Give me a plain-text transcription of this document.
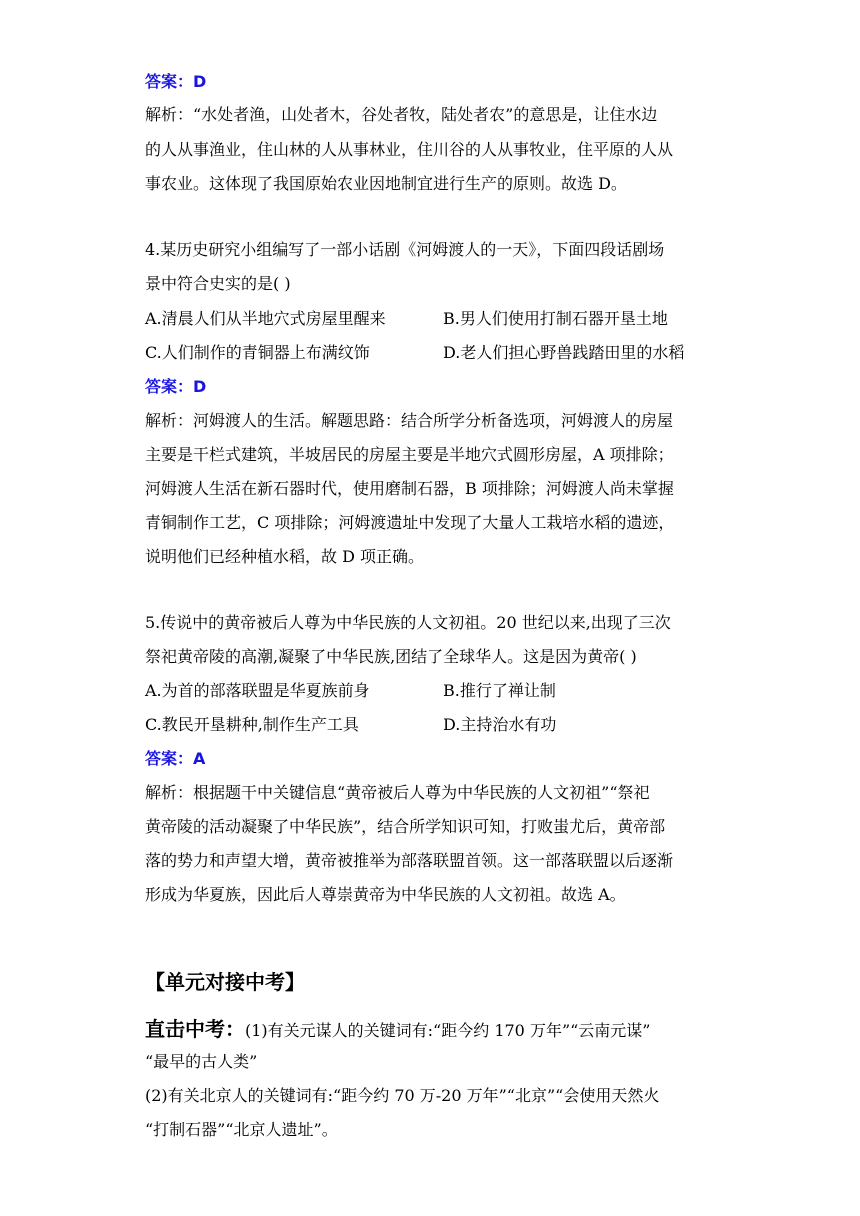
答案：D
解析：“水处者渔，山处者木，谷处者牧，陆处者农”的意思是，让住水边
的人从事渔业，住山林的人从事林业，住川谷的人从事牧业，住平原的人从
事农业。这体现了我国原始农业因地制宜进行生产的原则。故选 D。
4.某历史研究小组编写了一部小话剧《河姆渡人的一天》，下面四段话剧场
景中符合史实的是( )
A.清晨人们从半地穴式房屋里醒来	B.男人们使用打制石器开垦土地
C.人们制作的青铜器上布满纹饰	D.老人们担心野兽践踏田里的水稻
答案：D
解析：河姆渡人的生活。解题思路：结合所学分析备选项，河姆渡人的房屋
主要是干栏式建筑，半坡居民的房屋主要是半地穴式圆形房屋，A 项排除；
河姆渡人生活在新石器时代，使用磨制石器，B 项排除；河姆渡人尚未掌握
青铜制作工艺，C 项排除；河姆渡遗址中发现了大量人工栽培水稻的遗迹，
说明他们已经种植水稻，故 D 项正确。
5.传说中的黄帝被后人尊为中华民族的人文初祖。20 世纪以来,出现了三次
祭祀黄帝陵的高潮,凝聚了中华民族,团结了全球华人。这是因为黄帝( )
A.为首的部落联盟是华夏族前身	B.推行了禅让制
C.教民开垦耕种,制作生产工具	D.主持治水有功
答案：A
解析：根据题干中关键信息“黄帝被后人尊为中华民族的人文初祖”“祭祀
黄帝陵的活动凝聚了中华民族”，结合所学知识可知，打败蚩尤后，黄帝部
落的势力和声望大增，黄帝被推举为部落联盟首领。这一部落联盟以后逐渐
形成为华夏族，因此后人尊崇黄帝为中华民族的人文初祖。故选 A。
【单元对接中考】
直击中考：(1)有关元谋人的关键词有:“距今约 170 万年”“云南元谋”
“最早的古人类”
(2)有关北京人的关键词有:“距今约 70 万-20 万年”“北京”“会使用天然火
“打制石器”“北京人遗址”。
